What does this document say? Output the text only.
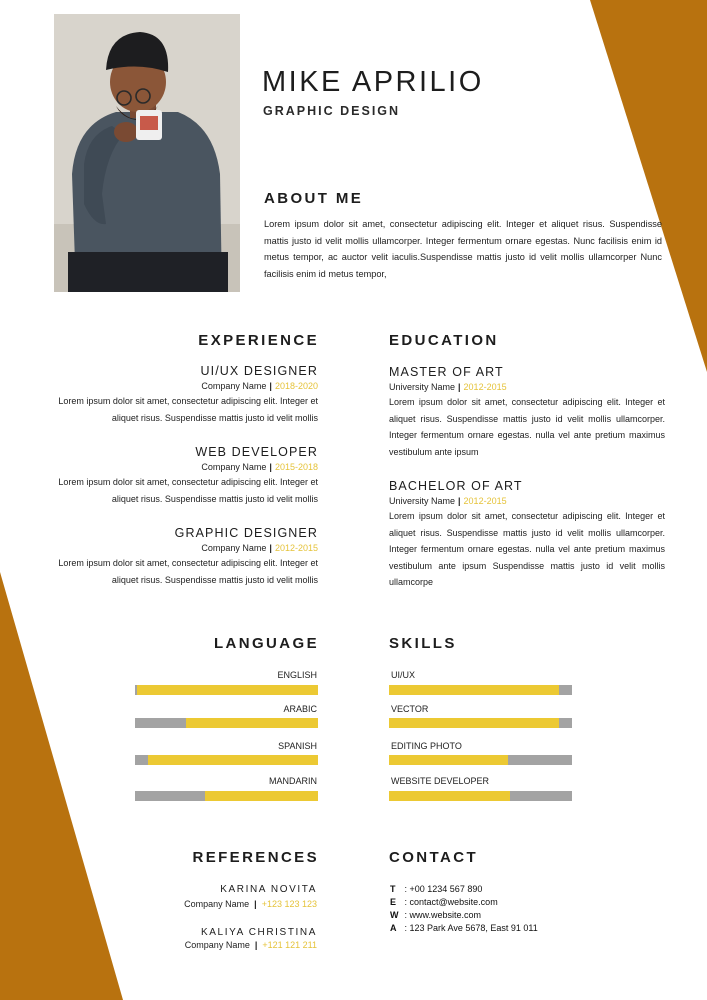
MIKE APRILIO
GRAPHIC DESIGN
ABOUT ME
Lorem ipsum dolor sit amet, consectetur adipiscing elit. Integer et aliquet risus. Suspendisse mattis justo id velit mollis ullamcorper. Integer fermentum ornare egestas. Nunc facilisis enim id metus tempor, ac auctor velit iaculis.Suspendisse mattis justo id velit mollis ullamcorper Nunc facilisis enim id metus tempor,
EXPERIENCE
UI/UX DESIGNER
Company Name | 2018-2020
Lorem ipsum dolor sit amet, consectetur adipiscing elit. Integer et aliquet risus. Suspendisse mattis justo id velit mollis
WEB DEVELOPER
Company Name | 2015-2018
Lorem ipsum dolor sit amet, consectetur adipiscing elit. Integer et aliquet risus. Suspendisse mattis justo id velit mollis
GRAPHIC DESIGNER
Company Name | 2012-2015
Lorem ipsum dolor sit amet, consectetur adipiscing elit. Integer et aliquet risus. Suspendisse mattis justo id velit mollis
EDUCATION
MASTER OF ART
University Name | 2012-2015
Lorem ipsum dolor sit amet, consectetur adipiscing elit. Integer et aliquet risus. Suspendisse mattis justo id velit mollis ullamcorper. Integer fermentum ornare egestas. nulla vel ante pretium maximus vestibulum ante ipsum
BACHELOR OF ART
University Name | 2012-2015
Lorem ipsum dolor sit amet, consectetur adipiscing elit. Integer et aliquet risus. Suspendisse mattis justo id velit mollis ullamcorper. Integer fermentum ornare egestas. nulla vel ante pretium maximus vestibulum ante ipsum Suspendisse mattis justo id velit mollis ullamcorpe
LANGUAGE
ENGLISH
ARABIC
SPANISH
MANDARIN
SKILLS
UI/UX
VECTOR
EDITING PHOTO
WEBSITE DEVELOPER
REFERENCES
KARINA NOVITA
Company Name | +123 123 123
KALIYA CHRISTINA
Company Name | +121 121 211
CONTACT
T : +00 1234 567 890
E : contact@website.com
W : www.website.com
A : 123 Park Ave 5678, East 91 011
